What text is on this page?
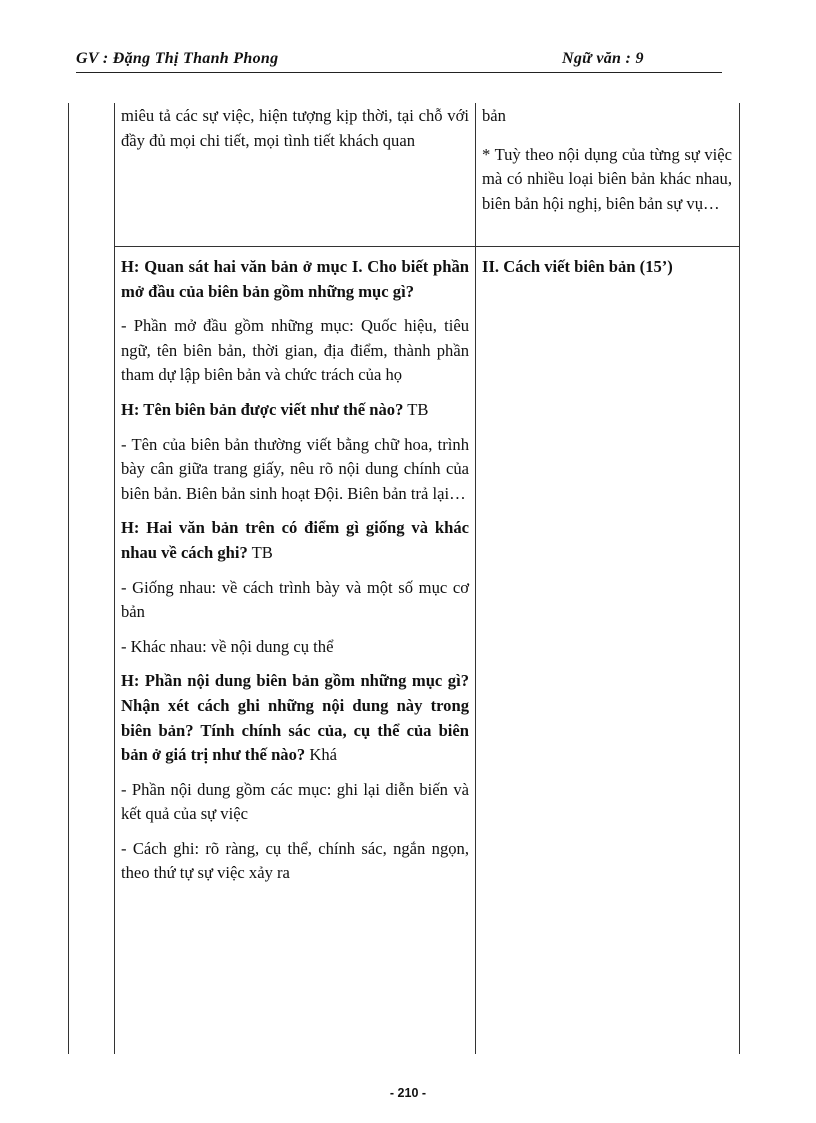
GV : Đặng Thị Thanh Phong	Ngữ văn : 9

miêu tả các sự việc, hiện tượng kịp thời, tại chỗ với đầy đủ mọi chi tiết, mọi tình tiết khách quan

bản

* Tuỳ theo nội dụng của từng sự việc mà có nhiều loại biên bản khác nhau, biên bản hội nghị, biên bản sự vụ…

H: Quan sát hai văn bản ở mục I. Cho biết phần mở đầu của biên bản gồm những mục gì?

- Phần mở đầu gồm những mục: Quốc hiệu, tiêu ngữ, tên biên bản, thời gian, địa điểm, thành phần tham dự lập biên bản và chức trách của họ

H: Tên biên bản được viết như thế nào? TB

- Tên của biên bản thường viết bằng chữ hoa, trình bày cân giữa trang giấy, nêu rõ nội dung chính của biên bản. Biên bản sinh hoạt Đội. Biên bản trả lại…

H: Hai văn bản trên có điểm gì giống và khác nhau về cách ghi? TB

- Giống nhau: về cách trình bày và một số mục cơ bản

- Khác nhau: về nội dung cụ thể

H: Phần nội dung biên bản gồm những mục gì? Nhận xét cách ghi những nội dung này trong biên bản? Tính chính sác của, cụ thể của biên bản ở giá trị như thế nào? Khá

- Phần nội dung gồm các mục: ghi lại diễn biến và kết quả của sự việc

- Cách ghi: rõ ràng, cụ thể, chính sác, ngắn ngọn, theo thứ tự sự việc xảy ra

II. Cách viết biên bản (15’)

- 210 -
